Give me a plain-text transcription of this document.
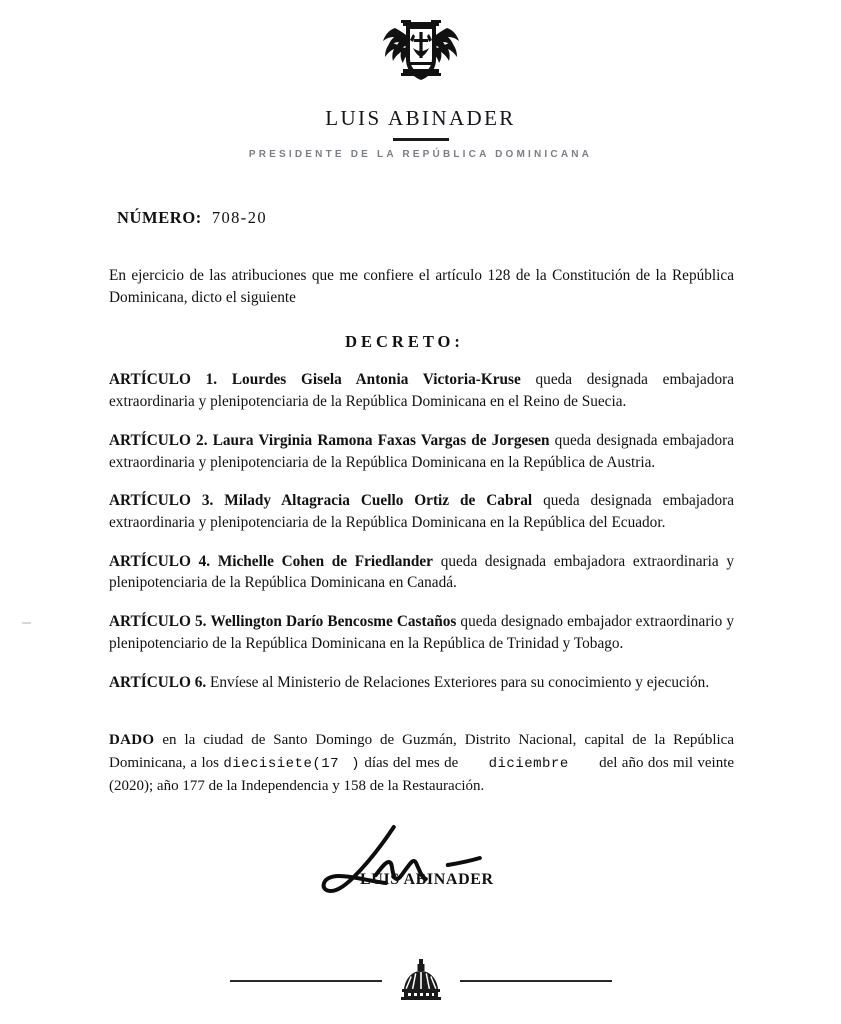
LUIS ABINADER
PRESIDENTE DE LA REPÚBLICA DOMINICANA
NÚMERO: 708-20

En ejercicio de las atribuciones que me confiere el artículo 128 de la Constitución de la República Dominicana, dicto el siguiente

DECRETO:

ARTÍCULO 1. Lourdes Gisela Antonia Victoria-Kruse queda designada embajadora extraordinaria y plenipotenciaria de la República Dominicana en el Reino de Suecia.

ARTÍCULO 2. Laura Virginia Ramona Faxas Vargas de Jorgesen queda designada embajadora extraordinaria y plenipotenciaria de la República Dominicana en la República de Austria.

ARTÍCULO 3. Milady Altagracia Cuello Ortiz de Cabral queda designada embajadora extraordinaria y plenipotenciaria de la República Dominicana en la República del Ecuador.

ARTÍCULO 4. Michelle Cohen de Friedlander queda designada embajadora extraordinaria y plenipotenciaria de la República Dominicana en Canadá.

ARTÍCULO 5. Wellington Darío Bencosme Castaños queda designado embajador extraordinario y plenipotenciario de la República Dominicana en la República de Trinidad y Tobago.

ARTÍCULO 6. Envíese al Ministerio de Relaciones Exteriores para su conocimiento y ejecución.

DADO en la ciudad de Santo Domingo de Guzmán, Distrito Nacional, capital de la República Dominicana, a los diecisiete(17 ) días del mes de diciembre del año dos mil veinte (2020); año 177 de la Independencia y 158 de la Restauración.

LUIS ABINADER
